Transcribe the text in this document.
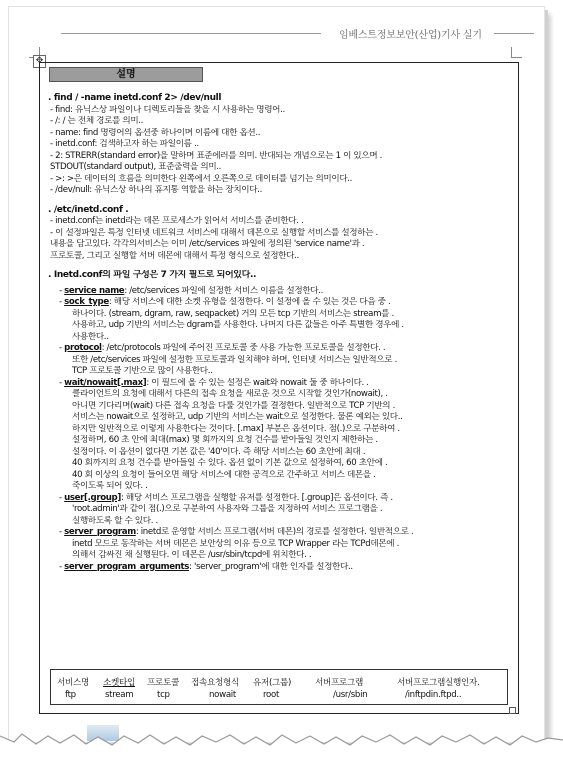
임베스트정보보안(산업)기사 실기
✥
설명
. find / -name inetd.conf 2> /dev/null
- find: 유닉스상 파일이나 디렉토리들을 찾을 시 사용하는 명령어..
- /: / 는 전체 경로를 의미..
- name: find 명령어의 옵션중 하나이며 이름에 대한 옵션..
- inetd.conf: 검색하고자 하는 파일이름 ..
- 2: STRERR(standard error)을 말하며 표준에러를 의미. 반대되는 개념으로는 1 이 있으며 .
STDOUT(standard output), 표준출력을 의미..
- >: >은 데이터의 흐름을 의미한다 왼쪽에서 오른쪽으로 데이터를 넘기는 의미이다..
- /dev/null: 유닉스상 하나의 휴지통 역할을 하는 장치이다..
. /etc/inetd.conf .
- inetd.conf는 inetd라는 데몬 프로세스가 읽어서 서비스를 준비한다. .
- 이 설정파일은 특정 인터넷 네트워크 서비스에 대해서 데몬으로 실행할 서비스를 설정하는 .
내용을 담고있다. 각각의서비스는 이미 /etc/services 파일에 정의된 'service name'과 .
프로토콜, 그리고 실행할 서버 데몬에 대해서 특정 형식으로 설정한다..
. Inetd.conf의 파일 구성은 7 가지 필드로 되어있다..
- service name: /etc/services 파일에 설정한 서비스 이름을 설정한다..
- sock_type: 해당 서비스에 대한 소켓 유형을 설정한다. 이 설정에 올 수 있는 것은 다음 중 .
하나이다. (stream, dgram, raw, seqpacket) 거의 모든 tcp 기반의 서비스는 stream를 .
사용하고, udp 기반의 서비스는 dgram를 사용한다. 나머지 다른 값들은 아주 특별한 경우에 .
사용한다..
- protocol: /etc/protocols 파일에 주어진 프로토콜 중 사용 가능한 프로토콜을 설정한다. .
또한 /etc/services 파일에 설정한 프로토콜과 일치해야 하며, 인터넷 서비스는 일반적으로 .
TCP 프로토콜 기반으로 많이 사용한다..
- wait/nowait[.max]: 이 필드에 올 수 있는 설정은 wait와 nowait 둘 중 하나이다. .
클라이언트의 요청에 대해서 다른의 접속 요청을 새로운 것으로 시작할 것인가(nowait), .
아니면 기다리며(wait) 다른 접속 요청을 다룰 것인가를 결정한다. 일반적으로 TCP 기반의 .
서비스는 nowait으로 설정하고, udp 기반의 서비스는 wait으로 설정한다. 물론 예외는 있다..
하지만 일반적으로 이렇게 사용한다는 것이다. [.max] 부분은 옵션이다. 점(.)으로 구분하여 .
설정하며, 60 초 안에 최대(max) 몇 회까지의 요청 건수를 받아들일 것인지 제한하는 .
설정이다. 이 옵션이 없다면 기본 값은 '40'이다. 즉 해당 서비스는 60 초안에 최대 .
40 회까지의 요청 건수를 받아들일 수 있다. 옵션 없이 기본 값으로 설정하여, 60 초안에 .
40 회 이상의 요청이 들어오면 해당 서비스에 대한 공격으로 간주하고 서비스 데몬을 .
죽이도록 되어 있다. .
- user[.group]: 해당 서비스 프로그램을 실행할 유저를 설정한다. [.group]은 옵션이다. 즉 .
'root.admin'과 같이 점(.)으로 구분하여 사용자와 그룹을 지정하여 서비스 프로그램을 .
실행하도록 할 수 있다. .
- server_program: inetd로 운영할 서비스 프로그램(서버 데몬)의 경로를 설정한다. 일반적으로 .
inetd 모드로 동작하는 서버 데몬은 보안상의 이유 등으로 TCP Wrapper 라는 TCPd데몬에 .
의해서 감싸진 채 실행된다. 이 데몬은 /usr/sbin/tcpd에 위치한다. .
- server_program_arguments: 'server_program'에 대한 인자를 설정한다..
서비스명 소켓타입 프로토콜 접속요청형식 유저(그룹)	서버프로그램	서버프로그램실행인자.
ftp	stream	tcp	nowait	root	/usr/sbin	/inftpdin.ftpd..
